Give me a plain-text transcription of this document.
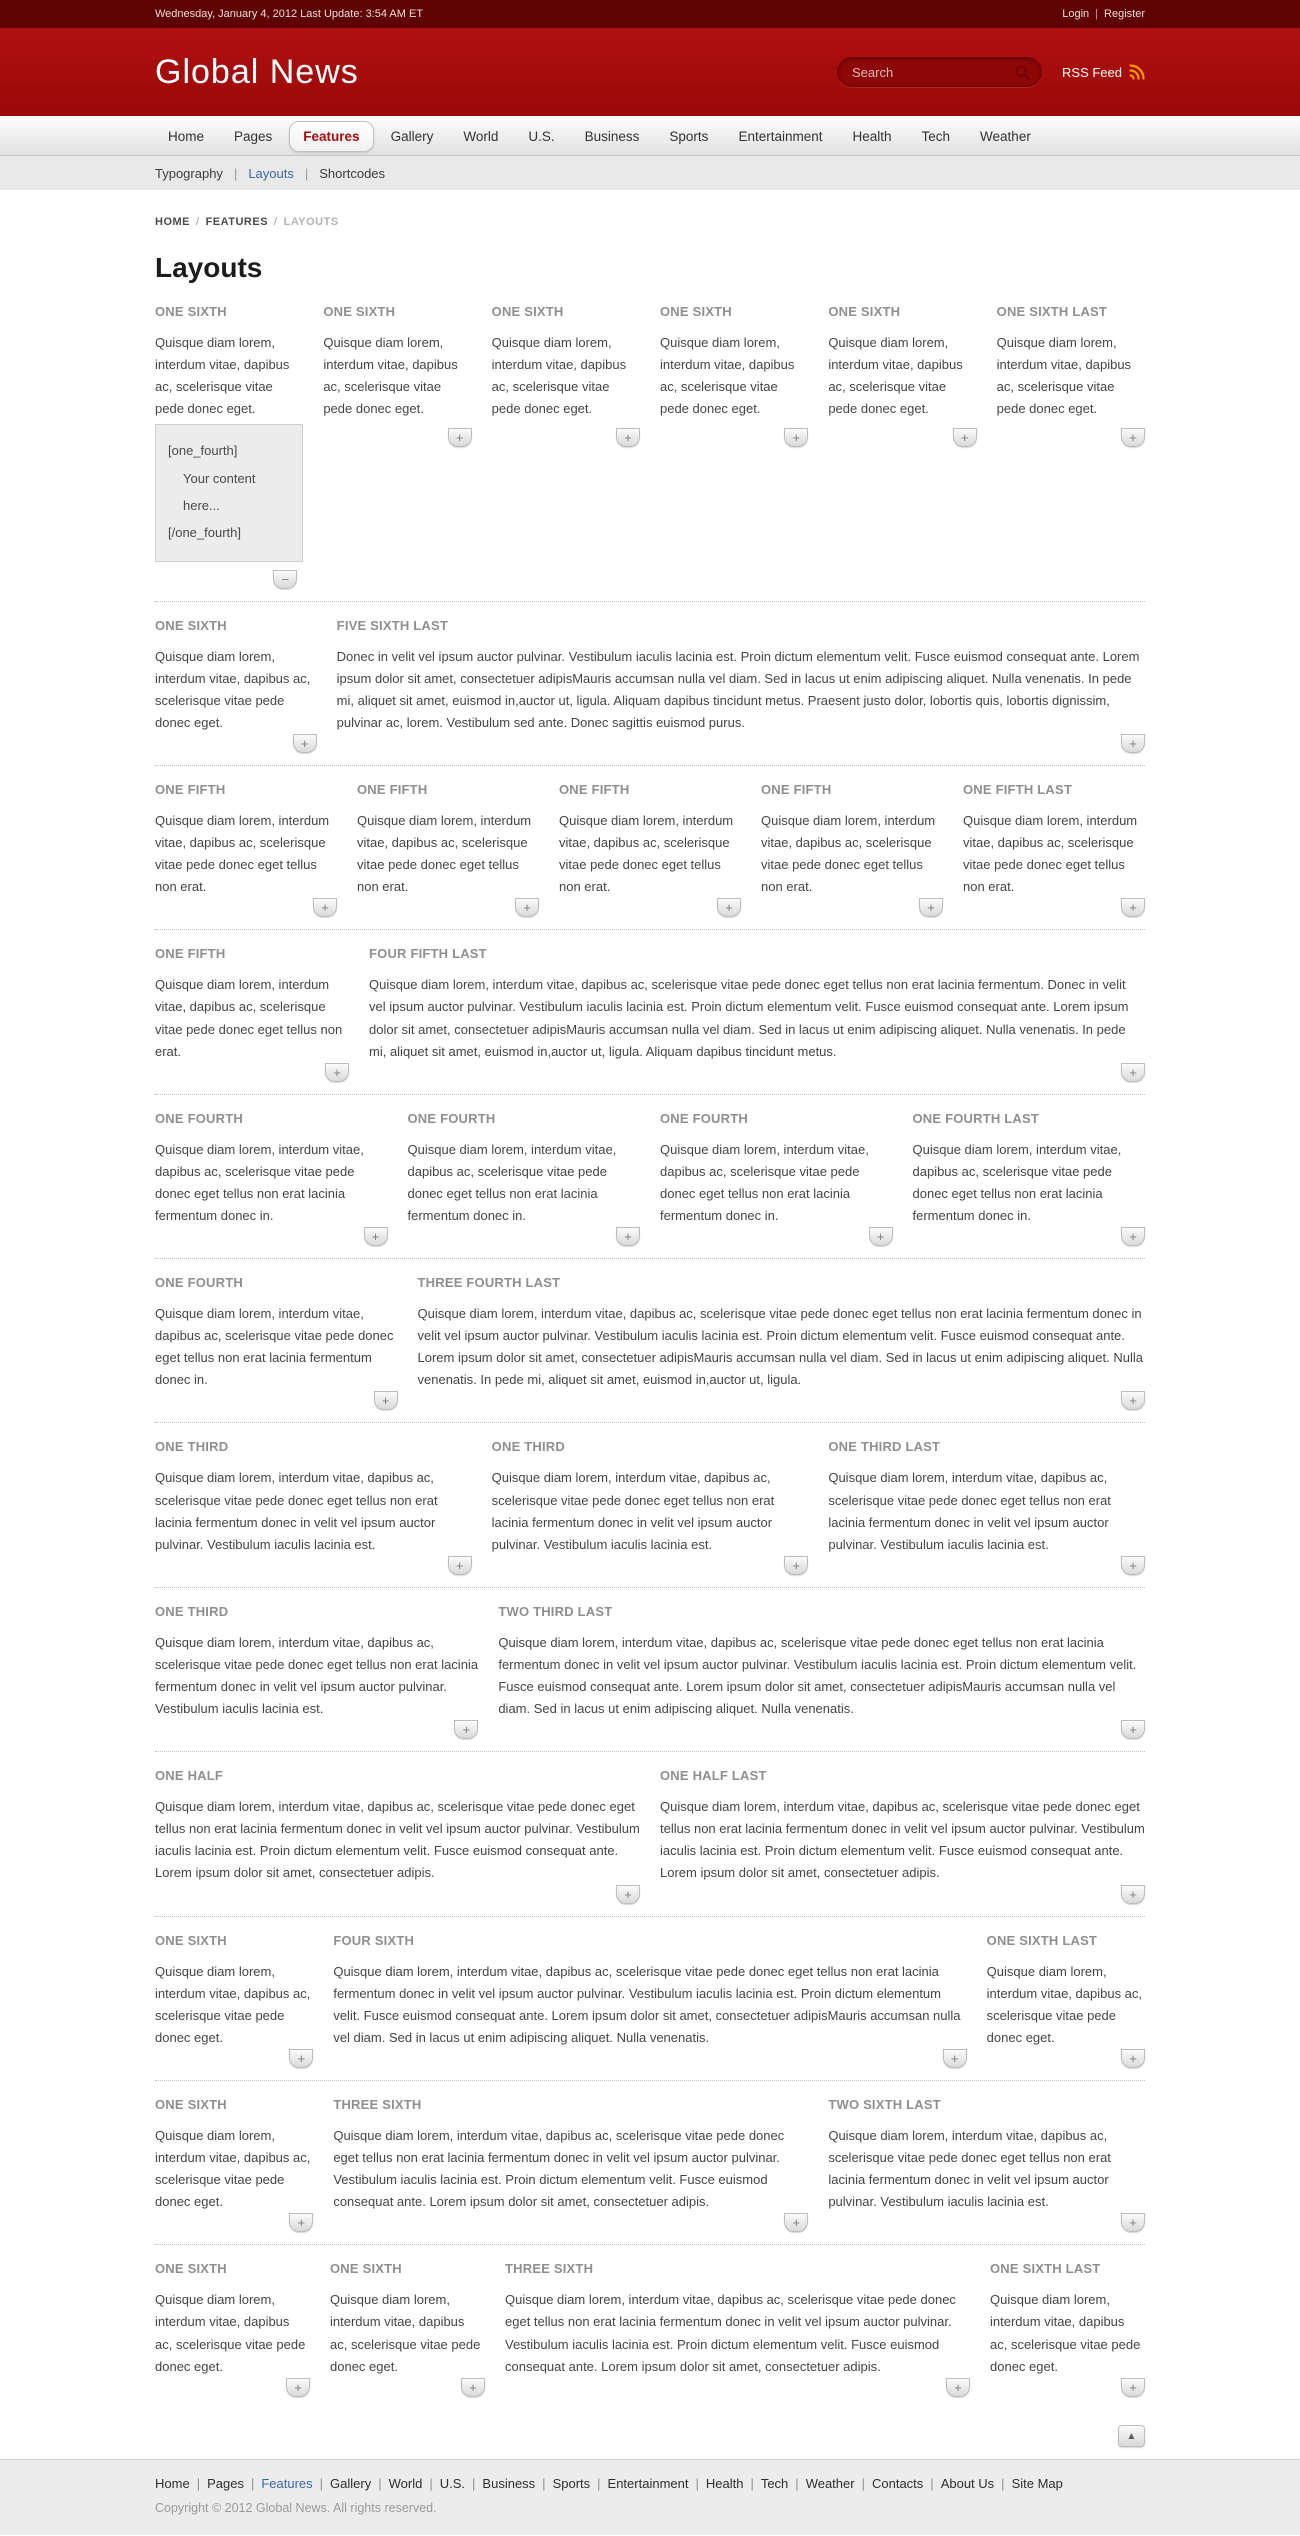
Wednesday, January 4, 2012 Last Update: 3:54 AM ET	Login | Register
Global News
Search	RSS Feed
Home	Pages	Features	Gallery	World	U.S.	Business	Sports	Entertainment	Health	Tech	Weather
Typography | Layouts | Shortcodes
HOME / FEATURES / LAYOUTS
Layouts
ONE SIXTH

Quisque diam lorem, interdum vitae, dapibus ac, scelerisque vitae pede donec eget.

[one_fourth]
Your content here...
[/one_fourth]
−
ONE SIXTH

Quisque diam lorem, interdum vitae, dapibus ac, scelerisque vitae pede donec eget.

+
ONE SIXTH

Quisque diam lorem, interdum vitae, dapibus ac, scelerisque vitae pede donec eget.

+
ONE SIXTH

Quisque diam lorem, interdum vitae, dapibus ac, scelerisque vitae pede donec eget.

+
ONE SIXTH

Quisque diam lorem, interdum vitae, dapibus ac, scelerisque vitae pede donec eget.

+
ONE SIXTH LAST

Quisque diam lorem, interdum vitae, dapibus ac, scelerisque vitae pede donec eget.

+
ONE SIXTH

Quisque diam lorem, interdum vitae, dapibus ac, scelerisque vitae pede donec eget.

+
FIVE SIXTH LAST

Donec in velit vel ipsum auctor pulvinar. Vestibulum iaculis lacinia est. Proin dictum elementum velit. Fusce euismod consequat ante. Lorem ipsum dolor sit amet, consectetuer adipisMauris accumsan nulla vel diam. Sed in lacus ut enim adipiscing aliquet. Nulla venenatis. In pede mi, aliquet sit amet, euismod in,auctor ut, ligula. Aliquam dapibus tincidunt metus. Praesent justo dolor, lobortis quis, lobortis dignissim, pulvinar ac, lorem. Vestibulum sed ante. Donec sagittis euismod purus.

+
ONE FIFTH

Quisque diam lorem, interdum vitae, dapibus ac, scelerisque vitae pede donec eget tellus non erat.

+
ONE FIFTH

Quisque diam lorem, interdum vitae, dapibus ac, scelerisque vitae pede donec eget tellus non erat.

+
ONE FIFTH

Quisque diam lorem, interdum vitae, dapibus ac, scelerisque vitae pede donec eget tellus non erat.

+
ONE FIFTH

Quisque diam lorem, interdum vitae, dapibus ac, scelerisque vitae pede donec eget tellus non erat.

+
ONE FIFTH LAST

Quisque diam lorem, interdum vitae, dapibus ac, scelerisque vitae pede donec eget tellus non erat.

+
ONE FIFTH

Quisque diam lorem, interdum vitae, dapibus ac, scelerisque vitae pede donec eget tellus non erat.

+
FOUR FIFTH LAST

Quisque diam lorem, interdum vitae, dapibus ac, scelerisque vitae pede donec eget tellus non erat lacinia fermentum. Donec in velit vel ipsum auctor pulvinar. Vestibulum iaculis lacinia est. Proin dictum elementum velit. Fusce euismod consequat ante. Lorem ipsum dolor sit amet, consectetuer adipisMauris accumsan nulla vel diam. Sed in lacus ut enim adipiscing aliquet. Nulla venenatis. In pede mi, aliquet sit amet, euismod in,auctor ut, ligula. Aliquam dapibus tincidunt metus.

+
ONE FOURTH

Quisque diam lorem, interdum vitae, dapibus ac, scelerisque vitae pede donec eget tellus non erat lacinia fermentum donec in.

+
ONE FOURTH

Quisque diam lorem, interdum vitae, dapibus ac, scelerisque vitae pede donec eget tellus non erat lacinia fermentum donec in.

+
ONE FOURTH

Quisque diam lorem, interdum vitae, dapibus ac, scelerisque vitae pede donec eget tellus non erat lacinia fermentum donec in.

+
ONE FOURTH LAST

Quisque diam lorem, interdum vitae, dapibus ac, scelerisque vitae pede donec eget tellus non erat lacinia fermentum donec in.

+
ONE FOURTH

Quisque diam lorem, interdum vitae, dapibus ac, scelerisque vitae pede donec eget tellus non erat lacinia fermentum donec in.

+
THREE FOURTH LAST

Quisque diam lorem, interdum vitae, dapibus ac, scelerisque vitae pede donec eget tellus non erat lacinia fermentum donec in velit vel ipsum auctor pulvinar. Vestibulum iaculis lacinia est. Proin dictum elementum velit. Fusce euismod consequat ante. Lorem ipsum dolor sit amet, consectetuer adipisMauris accumsan nulla vel diam. Sed in lacus ut enim adipiscing aliquet. Nulla venenatis. In pede mi, aliquet sit amet, euismod in,auctor ut, ligula.

+
ONE THIRD

Quisque diam lorem, interdum vitae, dapibus ac, scelerisque vitae pede donec eget tellus non erat lacinia fermentum donec in velit vel ipsum auctor pulvinar. Vestibulum iaculis lacinia est.

+
ONE THIRD

Quisque diam lorem, interdum vitae, dapibus ac, scelerisque vitae pede donec eget tellus non erat lacinia fermentum donec in velit vel ipsum auctor pulvinar. Vestibulum iaculis lacinia est.

+
ONE THIRD LAST

Quisque diam lorem, interdum vitae, dapibus ac, scelerisque vitae pede donec eget tellus non erat lacinia fermentum donec in velit vel ipsum auctor pulvinar. Vestibulum iaculis lacinia est.

+
ONE THIRD

Quisque diam lorem, interdum vitae, dapibus ac, scelerisque vitae pede donec eget tellus non erat lacinia fermentum donec in velit vel ipsum auctor pulvinar. Vestibulum iaculis lacinia est.

+
TWO THIRD LAST

Quisque diam lorem, interdum vitae, dapibus ac, scelerisque vitae pede donec eget tellus non erat lacinia fermentum donec in velit vel ipsum auctor pulvinar. Vestibulum iaculis lacinia est. Proin dictum elementum velit. Fusce euismod consequat ante. Lorem ipsum dolor sit amet, consectetuer adipisMauris accumsan nulla vel diam. Sed in lacus ut enim adipiscing aliquet. Nulla venenatis.

+
ONE HALF

Quisque diam lorem, interdum vitae, dapibus ac, scelerisque vitae pede donec eget tellus non erat lacinia fermentum donec in velit vel ipsum auctor pulvinar. Vestibulum iaculis lacinia est. Proin dictum elementum velit. Fusce euismod consequat ante. Lorem ipsum dolor sit amet, consectetuer adipis.

+
ONE HALF LAST

Quisque diam lorem, interdum vitae, dapibus ac, scelerisque vitae pede donec eget tellus non erat lacinia fermentum donec in velit vel ipsum auctor pulvinar. Vestibulum iaculis lacinia est. Proin dictum elementum velit. Fusce euismod consequat ante. Lorem ipsum dolor sit amet, consectetuer adipis.

+
ONE SIXTH

Quisque diam lorem, interdum vitae, dapibus ac, scelerisque vitae pede donec eget.

+
FOUR SIXTH

Quisque diam lorem, interdum vitae, dapibus ac, scelerisque vitae pede donec eget tellus non erat lacinia fermentum donec in velit vel ipsum auctor pulvinar. Vestibulum iaculis lacinia est. Proin dictum elementum velit. Fusce euismod consequat ante. Lorem ipsum dolor sit amet, consectetuer adipisMauris accumsan nulla vel diam. Sed in lacus ut enim adipiscing aliquet. Nulla venenatis.

+
ONE SIXTH LAST

Quisque diam lorem, interdum vitae, dapibus ac, scelerisque vitae pede donec eget.

+
ONE SIXTH

Quisque diam lorem, interdum vitae, dapibus ac, scelerisque vitae pede donec eget.

+
THREE SIXTH

Quisque diam lorem, interdum vitae, dapibus ac, scelerisque vitae pede donec eget tellus non erat lacinia fermentum donec in velit vel ipsum auctor pulvinar. Vestibulum iaculis lacinia est. Proin dictum elementum velit. Fusce euismod consequat ante. Lorem ipsum dolor sit amet, consectetuer adipis.

+
TWO SIXTH LAST

Quisque diam lorem, interdum vitae, dapibus ac, scelerisque vitae pede donec eget tellus non erat lacinia fermentum donec in velit vel ipsum auctor pulvinar. Vestibulum iaculis lacinia est.

+
ONE SIXTH

Quisque diam lorem, interdum vitae, dapibus ac, scelerisque vitae pede donec eget.

+
ONE SIXTH

Quisque diam lorem, interdum vitae, dapibus ac, scelerisque vitae pede donec eget.

+
THREE SIXTH

Quisque diam lorem, interdum vitae, dapibus ac, scelerisque vitae pede donec eget tellus non erat lacinia fermentum donec in velit vel ipsum auctor pulvinar. Vestibulum iaculis lacinia est. Proin dictum elementum velit. Fusce euismod consequat ante. Lorem ipsum dolor sit amet, consectetuer adipis.

+
ONE SIXTH LAST

Quisque diam lorem, interdum vitae, dapibus ac, scelerisque vitae pede donec eget.

+
▲
Home | Pages | Features | Gallery | World | U.S. | Business | Sports | Entertainment | Health | Tech | Weather | Contacts | About Us | Site Map
Copyright © 2012 Global News. All rights reserved.
